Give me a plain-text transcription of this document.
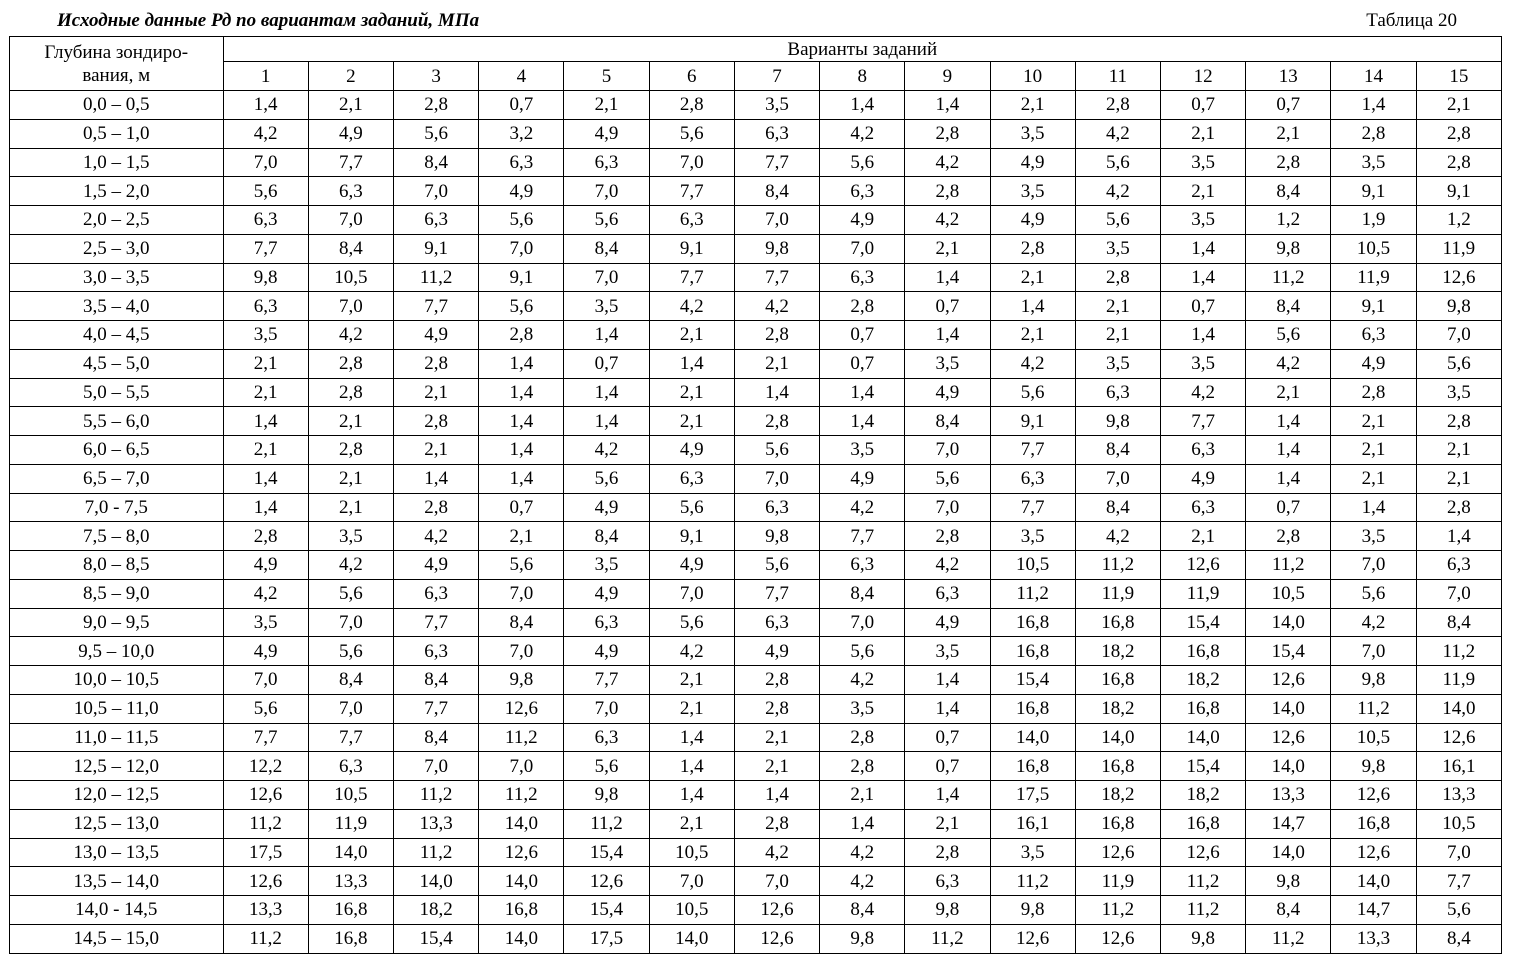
Исходные данные Рд по вариантам заданий, МПа	Таблица 20
Глубина зондиро-
вания, м	Варианты заданий														
	1	2	3	4	5	6	7	8	9	10	11	12	13	14	15
0,0 – 0,5	1,4	2,1	2,8	0,7	2,1	2,8	3,5	1,4	1,4	2,1	2,8	0,7	0,7	1,4	2,1
0,5 – 1,0	4,2	4,9	5,6	3,2	4,9	5,6	6,3	4,2	2,8	3,5	4,2	2,1	2,1	2,8	2,8
1,0 – 1,5	7,0	7,7	8,4	6,3	6,3	7,0	7,7	5,6	4,2	4,9	5,6	3,5	2,8	3,5	2,8
1,5 – 2,0	5,6	6,3	7,0	4,9	7,0	7,7	8,4	6,3	2,8	3,5	4,2	2,1	8,4	9,1	9,1
2,0 – 2,5	6,3	7,0	6,3	5,6	5,6	6,3	7,0	4,9	4,2	4,9	5,6	3,5	1,2	1,9	1,2
2,5 – 3,0	7,7	8,4	9,1	7,0	8,4	9,1	9,8	7,0	2,1	2,8	3,5	1,4	9,8	10,5	11,9
3,0 – 3,5	9,8	10,5	11,2	9,1	7,0	7,7	7,7	6,3	1,4	2,1	2,8	1,4	11,2	11,9	12,6
3,5 – 4,0	6,3	7,0	7,7	5,6	3,5	4,2	4,2	2,8	0,7	1,4	2,1	0,7	8,4	9,1	9,8
4,0 – 4,5	3,5	4,2	4,9	2,8	1,4	2,1	2,8	0,7	1,4	2,1	2,1	1,4	5,6	6,3	7,0
4,5 – 5,0	2,1	2,8	2,8	1,4	0,7	1,4	2,1	0,7	3,5	4,2	3,5	3,5	4,2	4,9	5,6
5,0 – 5,5	2,1	2,8	2,1	1,4	1,4	2,1	1,4	1,4	4,9	5,6	6,3	4,2	2,1	2,8	3,5
5,5 – 6,0	1,4	2,1	2,8	1,4	1,4	2,1	2,8	1,4	8,4	9,1	9,8	7,7	1,4	2,1	2,8
6,0 – 6,5	2,1	2,8	2,1	1,4	4,2	4,9	5,6	3,5	7,0	7,7	8,4	6,3	1,4	2,1	2,1
6,5 – 7,0	1,4	2,1	1,4	1,4	5,6	6,3	7,0	4,9	5,6	6,3	7,0	4,9	1,4	2,1	2,1
7,0 - 7,5	1,4	2,1	2,8	0,7	4,9	5,6	6,3	4,2	7,0	7,7	8,4	6,3	0,7	1,4	2,8
7,5 – 8,0	2,8	3,5	4,2	2,1	8,4	9,1	9,8	7,7	2,8	3,5	4,2	2,1	2,8	3,5	1,4
8,0 – 8,5	4,9	4,2	4,9	5,6	3,5	4,9	5,6	6,3	4,2	10,5	11,2	12,6	11,2	7,0	6,3
8,5 – 9,0	4,2	5,6	6,3	7,0	4,9	7,0	7,7	8,4	6,3	11,2	11,9	11,9	10,5	5,6	7,0
9,0 – 9,5	3,5	7,0	7,7	8,4	6,3	5,6	6,3	7,0	4,9	16,8	16,8	15,4	14,0	4,2	8,4
9,5 – 10,0	4,9	5,6	6,3	7,0	4,9	4,2	4,9	5,6	3,5	16,8	18,2	16,8	15,4	7,0	11,2
10,0 – 10,5	7,0	8,4	8,4	9,8	7,7	2,1	2,8	4,2	1,4	15,4	16,8	18,2	12,6	9,8	11,9
10,5 – 11,0	5,6	7,0	7,7	12,6	7,0	2,1	2,8	3,5	1,4	16,8	18,2	16,8	14,0	11,2	14,0
11,0 – 11,5	7,7	7,7	8,4	11,2	6,3	1,4	2,1	2,8	0,7	14,0	14,0	14,0	12,6	10,5	12,6
12,5 – 12,0	12,2	6,3	7,0	7,0	5,6	1,4	2,1	2,8	0,7	16,8	16,8	15,4	14,0	9,8	16,1
12,0 – 12,5	12,6	10,5	11,2	11,2	9,8	1,4	1,4	2,1	1,4	17,5	18,2	18,2	13,3	12,6	13,3
12,5 – 13,0	11,2	11,9	13,3	14,0	11,2	2,1	2,8	1,4	2,1	16,1	16,8	16,8	14,7	16,8	10,5
13,0 – 13,5	17,5	14,0	11,2	12,6	15,4	10,5	4,2	4,2	2,8	3,5	12,6	12,6	14,0	12,6	7,0
13,5 – 14,0	12,6	13,3	14,0	14,0	12,6	7,0	7,0	4,2	6,3	11,2	11,9	11,2	9,8	14,0	7,7
14,0 - 14,5	13,3	16,8	18,2	16,8	15,4	10,5	12,6	8,4	9,8	9,8	11,2	11,2	8,4	14,7	5,6
14,5 – 15,0	11,2	16,8	15,4	14,0	17,5	14,0	12,6	9,8	11,2	12,6	12,6	9,8	11,2	13,3	8,4
